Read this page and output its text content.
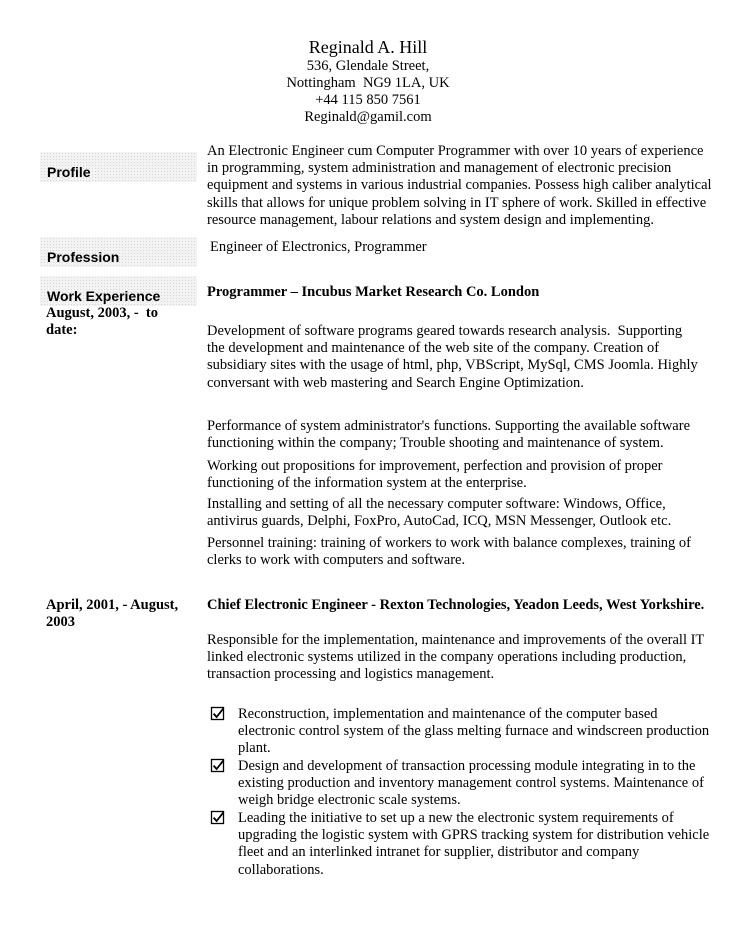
Reginald A. Hill
536, Glendale Street,
Nottingham  NG9 1LA, UK
+44 115 850 7561
Reginald@gamil.com
Profile
An Electronic Engineer cum Computer Programmer with over 10 years of experience
in programming, system administration and management of electronic precision
equipment and systems in various industrial companies. Possess high caliber analytical
skills that allows for unique problem solving in IT sphere of work. Skilled in effective
resource management, labour relations and system design and implementing.
Profession
Engineer of Electronics, Programmer
Work Experience
August, 2003, -  to
date:
Programmer – Incubus Market Research Co. London
Development of software programs geared towards research analysis.  Supporting
the development and maintenance of the web site of the company. Creation of
subsidiary sites with the usage of html, php, VBScript, MySql, CMS Joomla. Highly
conversant with web mastering and Search Engine Optimization.
Performance of system administrator's functions. Supporting the available software
functioning within the company; Trouble shooting and maintenance of system.
Working out propositions for improvement, perfection and provision of proper
functioning of the information system at the enterprise.
Installing and setting of all the necessary computer software: Windows, Office,
antivirus guards, Delphi, FoxPro, AutoCad, ICQ, MSN Messenger, Outlook etc.
Personnel training: training of workers to work with balance complexes, training of
clerks to work with computers and software.
April, 2001, - August,
2003
Chief Electronic Engineer - Rexton Technologies, Yeadon Leeds, West Yorkshire.
Responsible for the implementation, maintenance and improvements of the overall IT
linked electronic systems utilized in the company operations including production,
transaction processing and logistics management.
Reconstruction, implementation and maintenance of the computer based
electronic control system of the glass melting furnace and windscreen production
plant.
Design and development of transaction processing module integrating in to the
existing production and inventory management control systems. Maintenance of
weigh bridge electronic scale systems.
Leading the initiative to set up a new the electronic system requirements of
upgrading the logistic system with GPRS tracking system for distribution vehicle
fleet and an interlinked intranet for supplier, distributor and company
collaborations.
